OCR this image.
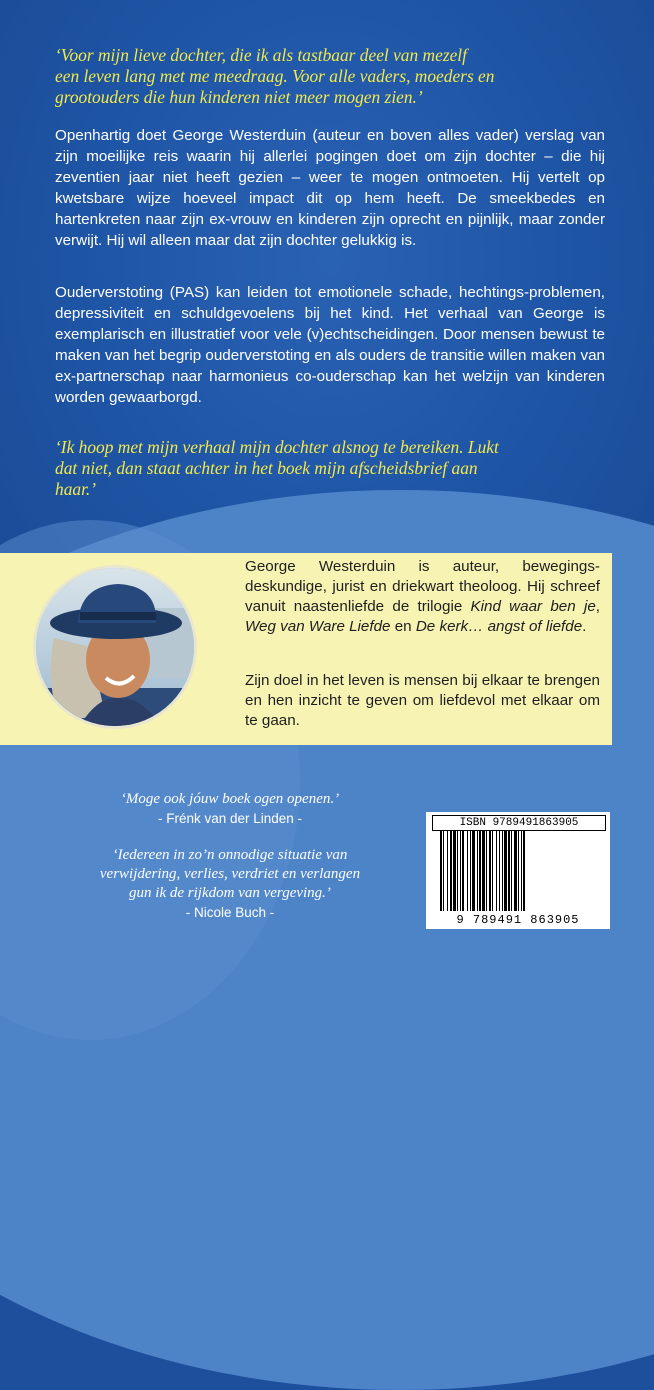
‘Voor mijn lieve dochter, die ik als tastbaar deel van mezelf
een leven lang met me meedraag. Voor alle vaders, moeders en
grootouders die hun kinderen niet meer mogen zien.’
Openhartig doet George Westerduin (auteur en boven alles vader) verslag van zijn moeilijke reis waarin hij allerlei pogingen doet om zijn dochter – die hij zeventien jaar niet heeft gezien – weer te mogen ontmoeten. Hij vertelt op kwetsbare wijze hoeveel impact dit op hem heeft. De smeekbedes en hartenkreten naar zijn ex-vrouw en kinderen zijn oprecht en pijnlijk, maar zonder verwijt. Hij wil alleen maar dat zijn dochter gelukkig is.
Ouderverstoting (PAS) kan leiden tot emotionele schade, hechtings-problemen, depressiviteit en schuldgevoelens bij het kind. Het verhaal van George is exemplarisch en illustratief voor vele (v)echtscheidingen. Door mensen bewust te maken van het begrip ouderverstoting en als ouders de transitie willen maken van ex-partnerschap naar harmonieus co-ouderschap kan het welzijn van kinderen worden gewaarborgd.
‘Ik hoop met mijn verhaal mijn dochter alsnog te bereiken. Lukt
dat niet, dan staat achter in het boek mijn afscheidsbrief aan
haar.’
George Westerduin is auteur, bewegings-deskundige, jurist en driekwart theoloog. Hij schreef vanuit naastenliefde de trilogie Kind waar ben je, Weg van Ware Liefde en De kerk… angst of liefde.
Zijn doel in het leven is mensen bij elkaar te brengen en hen inzicht te geven om liefdevol met elkaar om te gaan.
‘Moge ook jóuw boek ogen openen.’
- Frénk van der Linden -
‘Iedereen in zo’n onnodige situatie van
verwijdering, verlies, verdriet en verlangen
gun ik de rijkdom van vergeving.’
- Nicole Buch -
ISBN 9789491863905
9 789491 863905
